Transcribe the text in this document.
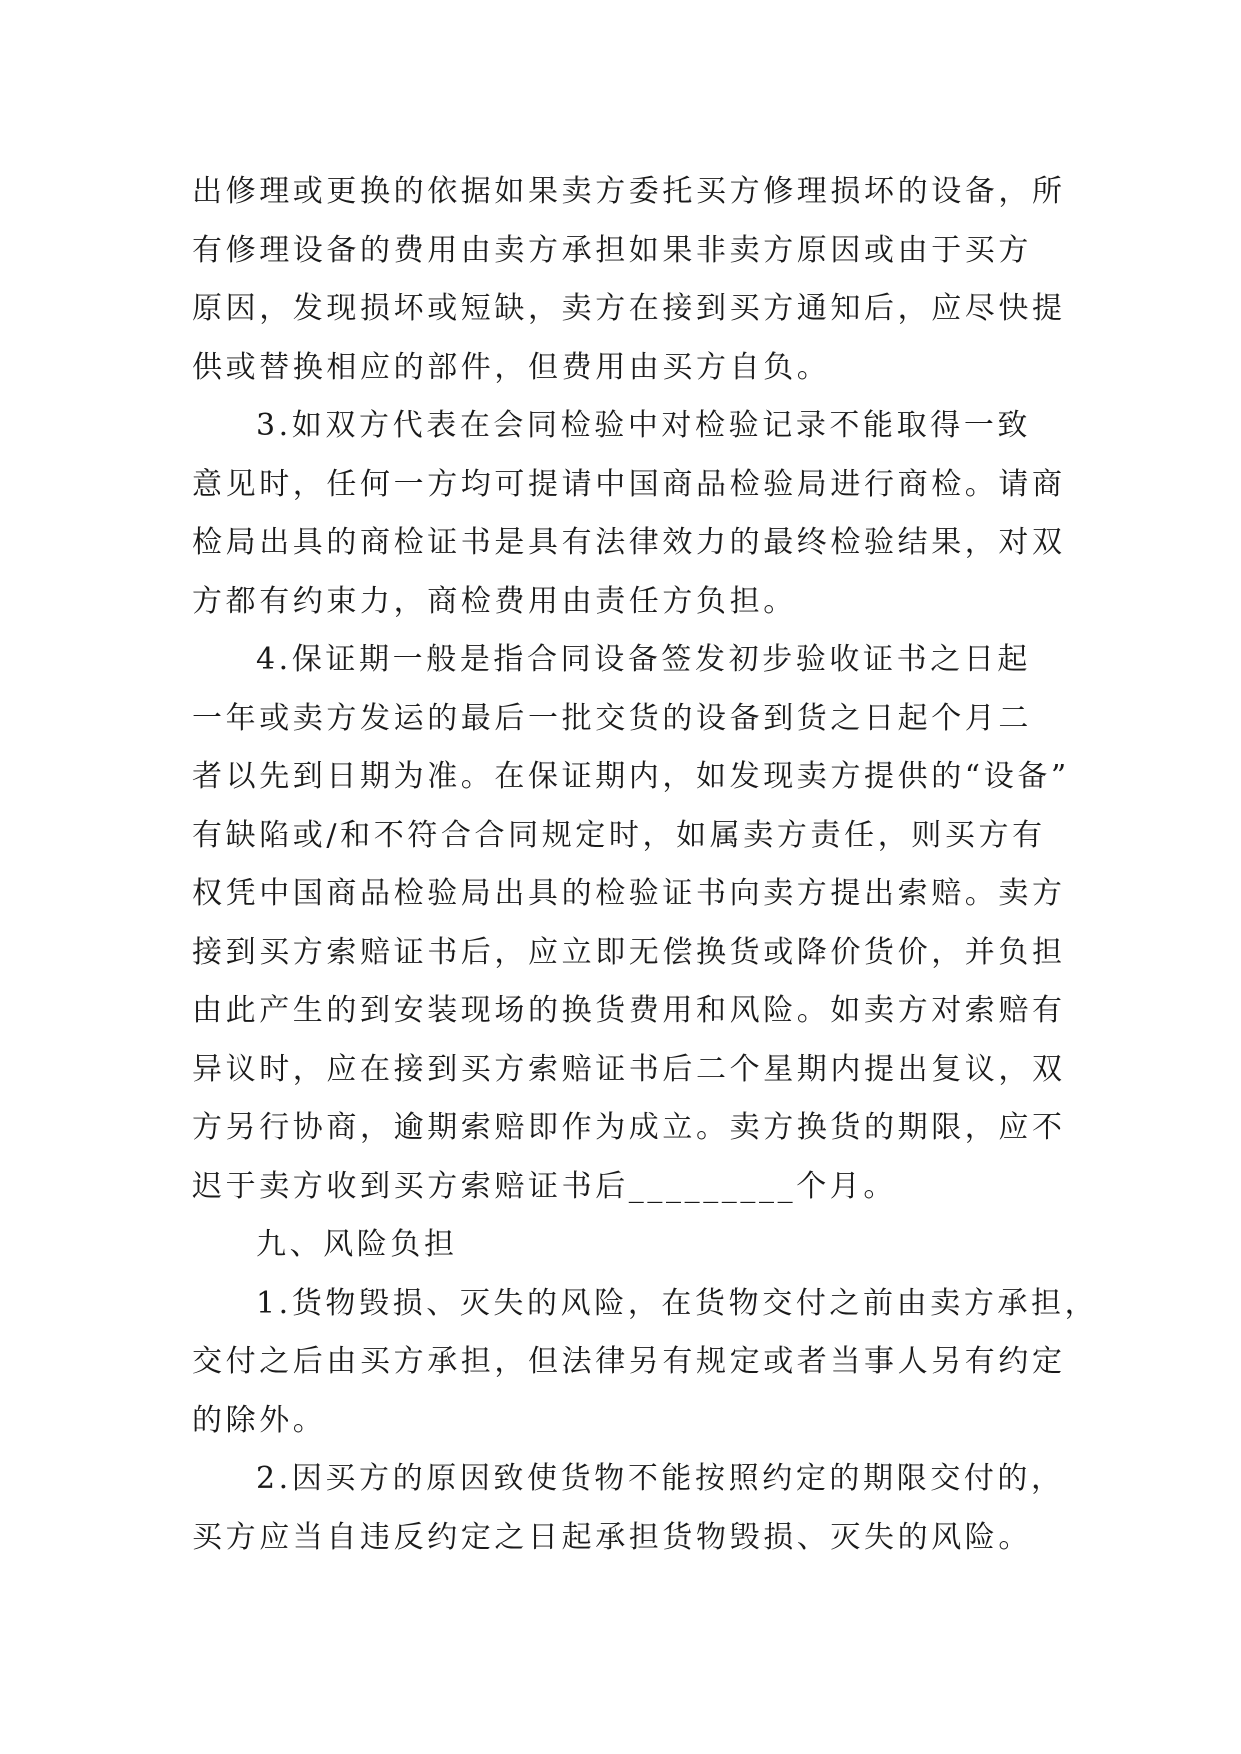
出修理或更换的依据如果卖方委托买方修理损坏的设备，所
有修理设备的费用由卖方承担如果非卖方原因或由于买方
原因，发现损坏或短缺，卖方在接到买方通知后，应尽快提
供或替换相应的部件，但费用由买方自负。
3.如双方代表在会同检验中对检验记录不能取得一致
意见时，任何一方均可提请中国商品检验局进行商检。请商
检局出具的商检证书是具有法律效力的最终检验结果，对双
方都有约束力，商检费用由责任方负担。
4.保证期一般是指合同设备签发初步验收证书之日起
一年或卖方发运的最后一批交货的设备到货之日起个月二
者以先到日期为准。在保证期内，如发现卖方提供的“设备”
有缺陷或/和不符合合同规定时，如属卖方责任，则买方有
权凭中国商品检验局出具的检验证书向卖方提出索赔。卖方
接到买方索赔证书后，应立即无偿换货或降价货价，并负担
由此产生的到安装现场的换货费用和风险。如卖方对索赔有
异议时，应在接到买方索赔证书后二个星期内提出复议，双
方另行协商，逾期索赔即作为成立。卖方换货的期限，应不
迟于卖方收到买方索赔证书后_________个月。
九、风险负担
1.货物毁损、灭失的风险，在货物交付之前由卖方承担，
交付之后由买方承担，但法律另有规定或者当事人另有约定
的除外。
2.因买方的原因致使货物不能按照约定的期限交付的，
买方应当自违反约定之日起承担货物毁损、灭失的风险。
